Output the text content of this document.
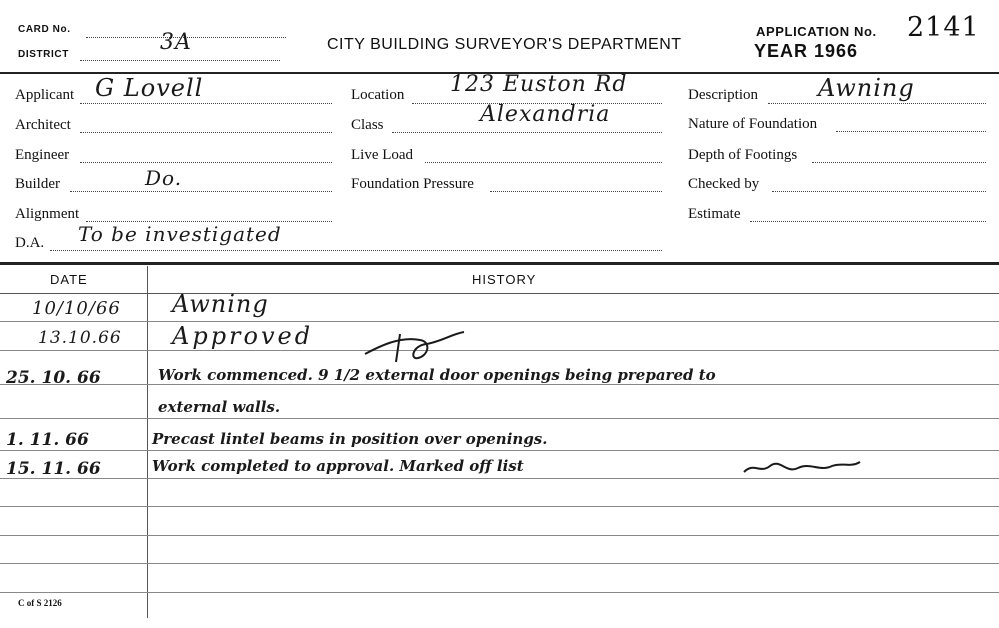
CARD No.
DISTRICT	3A	CITY BUILDING SURVEYOR'S DEPARTMENT
APPLICATION No. 2141
YEAR 1966
Applicant G Lovell
Architect
Engineer
Builder	Do.
Alignment
D.A. To be investigated
Location 123 Euston Rd
Class	Alexandria
Live Load
Foundation Pressure
Description	Awning
Nature of Foundation
Depth of Footings
Checked by
Estimate
DATE	HISTORY
10/10/66 Awning
13.10.66 Approved
25. 10. 66	Work commenced. 9 1/2 external door openings being prepared to
external walls.
1. 11. 66	Precast lintel beams in position over openings.
15. 11. 66	Work completed to approval. Marked off list
C of S 2126
